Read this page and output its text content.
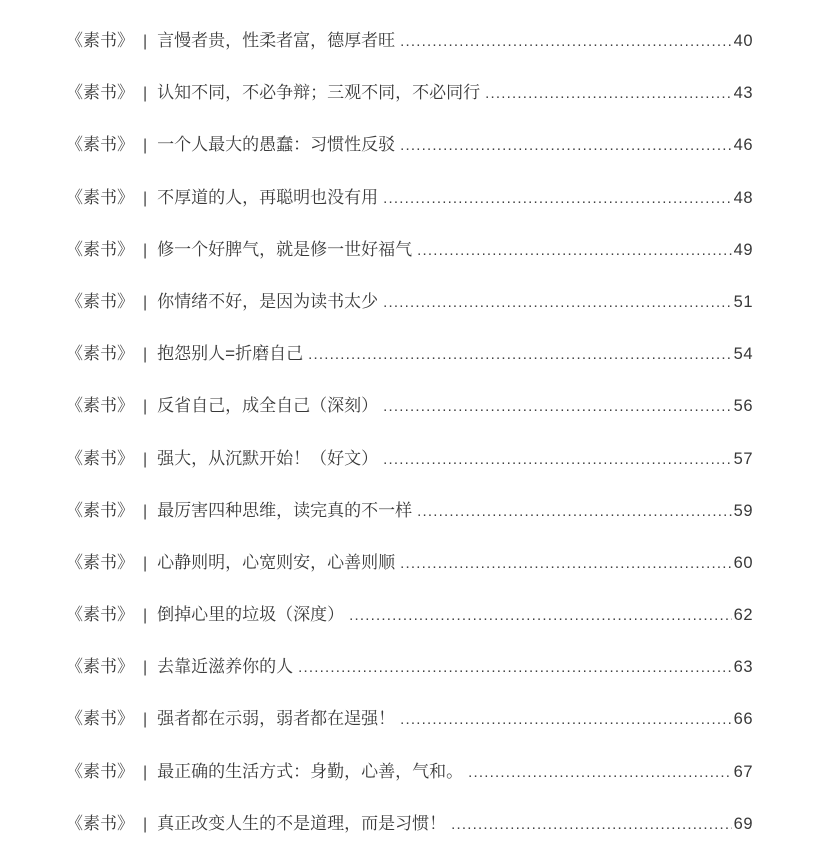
《素书》 | 言慢者贵，性柔者富，德厚者旺 .....	40
《素书》 | 认知不同，不必争辩；三观不同，不必同行 .....	43
《素书》 | 一个人最大的愚蠢：习惯性反驳 .....	46
《素书》 | 不厚道的人，再聪明也没有用 .....	48
《素书》 | 修一个好脾气，就是修一世好福气 .....	49
《素书》 | 你情绪不好，是因为读书太少 .....	51
《素书》 | 抱怨别人=折磨自己 .....	54
《素书》 | 反省自己，成全自己（深刻） .....	56
《素书》 | 强大，从沉默开始！（好文） .....	57
《素书》 | 最厉害四种思维，读完真的不一样 .....	59
《素书》 | 心静则明，心宽则安，心善则顺 .....	60
《素书》 | 倒掉心里的垃圾（深度） .....	62
《素书》 | 去靠近滋养你的人 .....	63
《素书》 | 强者都在示弱，弱者都在逞强！ .....	66
《素书》 | 最正确的生活方式：身勤，心善，气和。 .....	67
《素书》 | 真正改变人生的不是道理，而是习惯！ .....	69
